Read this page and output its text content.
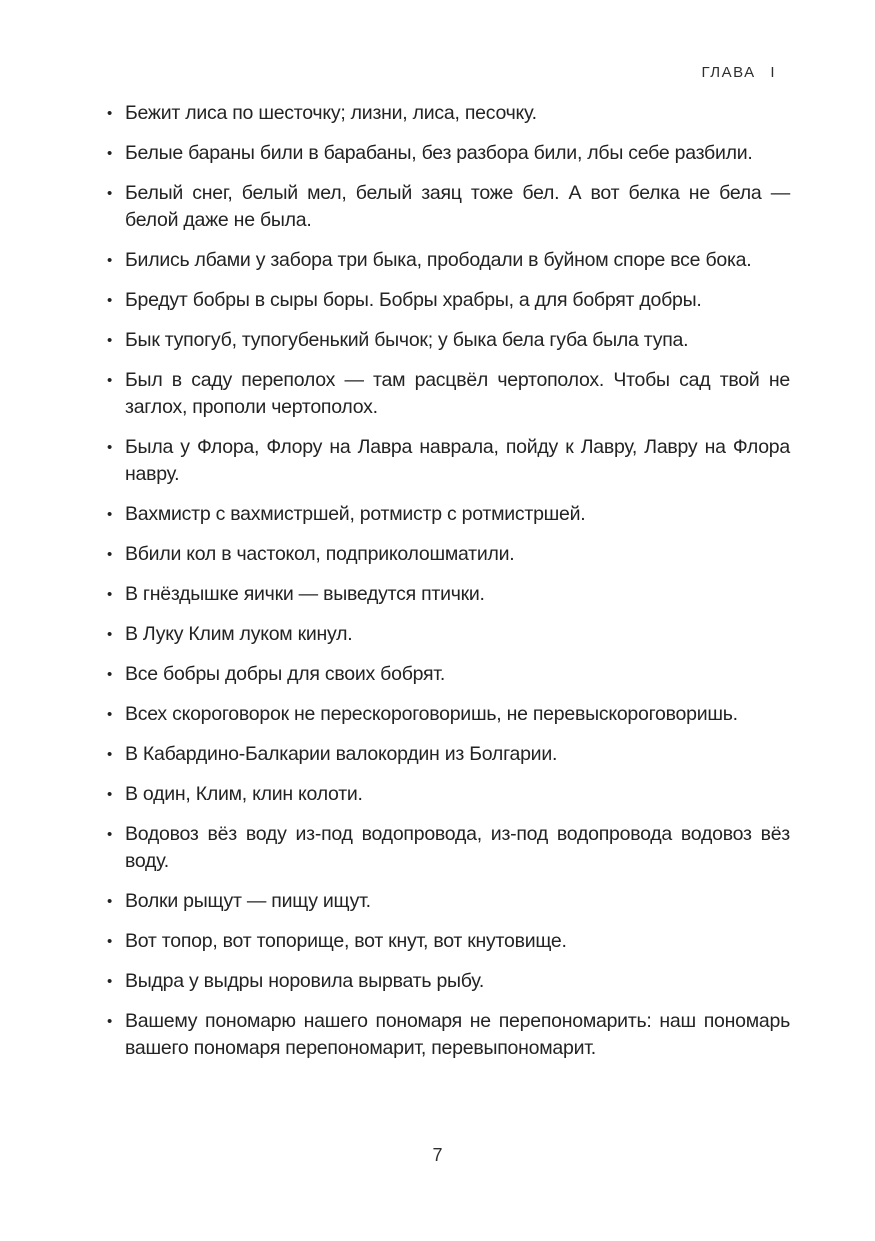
ГЛАВА I
• Бежит лиса по шесточку; лизни, лиса, песочку.
• Белые бараны били в барабаны, без разбора били, лбы себе разбили.
• Белый снег, белый мел, белый заяц тоже бел. А вот белка не бела — белой даже не была.
• Бились лбами у забора три быка, прободали в буйном споре все бока.
• Бредут бобры в сыры боры. Бобры храбры, а для бобрят добры.
• Бык тупогуб, тупогубенький бычок; у быка бела губа была тупа.
• Был в саду переполох — там расцвёл чертополох. Чтобы сад твой не заглох, прополи чертополох.
• Была у Флора, Флору на Лавра наврала, пойду к Лавру, Лавру на Флора навру.
• Вахмистр с вахмистршей, ротмистр с ротмистршей.
• Вбили кол в частокол, подприколошматили.
• В гнёздышке яички — выведутся птички.
• В Луку Клим луком кинул.
• Все бобры добры для своих бобрят.
• Всех скороговорок не перескороговоришь, не перевыскороговоришь.
• В Кабардино-Балкарии валокордин из Болгарии.
• В один, Клим, клин колоти.
• Водовоз вёз воду из-под водопровода, из-под водопровода водовоз вёз воду.
• Волки рыщут — пищу ищут.
• Вот топор, вот топорище, вот кнут, вот кнутовище.
• Выдра у выдры норовила вырвать рыбу.
• Вашему пономарю нашего пономаря не перепономарить: наш пономарь вашего пономаря перепономарит, перевыпономарит.
7
